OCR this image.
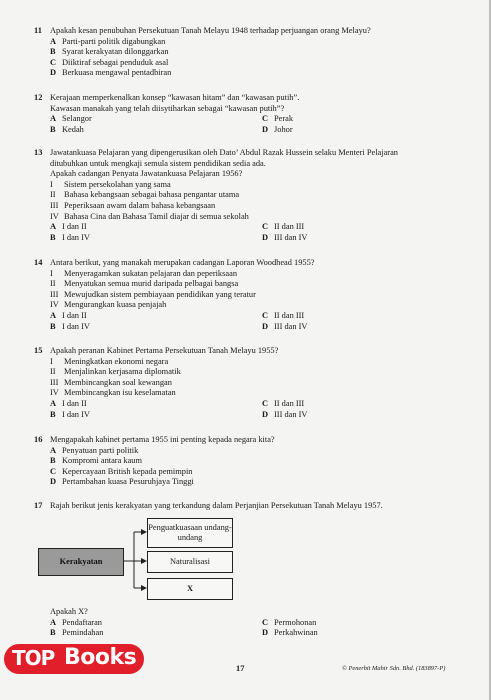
11 Apakah kesan penubuhan Persekutuan Tanah Melayu 1948 terhadap perjuangan orang Melayu?
A Parti-parti politik digabungkan
B Syarat kerakyatan dilonggarkan
C Diiktiraf sebagai penduduk asal
D Berkuasa mengawal pentadbiran
12 Kerajaan memperkenalkan konsep “kawasan hitam” dan “kawasan putih”.
Kawasan manakah yang telah diisytiharkan sebagai “kawasan putih”?
A Selangor	C Perak
B Kedah	D Johor
13 Jawatankuasa Pelajaran yang dipengerusikan oleh Dato’ Abdul Razak Hussein selaku Menteri Pelajaran
ditubuhkan untuk mengkaji semula sistem pendidikan sedia ada.
Apakah cadangan Penyata Jawatankuasa Pelajaran 1956?
I	Sistem persekolahan yang sama
II	Bahasa kebangsaan sebagai bahasa pengantar utama
III Peperiksaan awam dalam bahasa kebangsaan
IV Bahasa Cina dan Bahasa Tamil diajar di semua sekolah
A I dan II	C II dan III
B I dan IV	D III dan IV
14 Antara berikut, yang manakah merupakan cadangan Laporan Woodhead 1955?
I	Menyeragamkan sukatan pelajaran dan peperiksaan
II	Menyatukan semua murid daripada pelbagai bangsa
III Mewujudkan sistem pembiayaan pendidikan yang teratur
IV Mengurangkan kuasa penjajah
A I dan II	C II dan III
B I dan IV	D III dan IV
15 Apakah peranan Kabinet Pertama Persekutuan Tanah Melayu 1955?
I	Meningkatkan ekonomi negara
II	Menjalinkan kerjasama diplomatik
III Membincangkan soal kewangan
IV Membincangkan isu keselamatan
A I dan II	C II dan III
B I dan IV	D III dan IV
16 Mengapakah kabinet pertama 1955 ini penting kepada negara kita?
A Penyatuan parti politik
B Kompromi antara kaum
C Kepercayaan British kepada pemimpin
D Pertambahan kuasa Pesuruhjaya Tinggi
17 Rajah berikut jenis kerakyatan yang terkandung dalam Perjanjian Persekutuan Tanah Melayu 1957.
Kerakyatan
Penguatkuasaan undang-undang
Naturalisasi
X
Apakah X?
A Pendaftaran	C Permohonan
B Pemindahan	D Perkahwinan
TOP Books	17	© Penerbit Mahir Sdn. Bhd. (183897-P)
